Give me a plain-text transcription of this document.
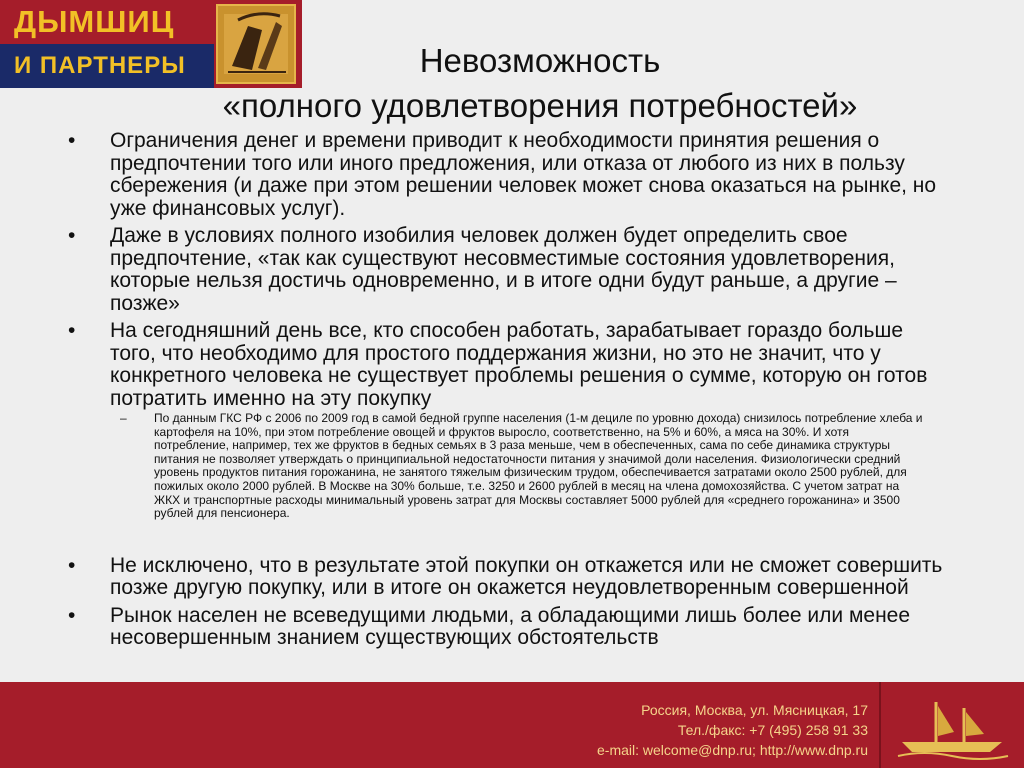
ДЫМШИЦ
И ПАРТНЕРЫ	Невозможность
«полного удовлетворения потребностей»
• Ограничения денег и времени приводит к необходимости принятия решения о предпочтении того или иного предложения, или отказа от любого из них в пользу сбережения (и даже при этом решении человек может снова оказаться на рынке, но уже финансовых услуг).
• Даже в условиях полного изобилия человек должен будет определить свое предпочтение, «так как существуют несовместимые состояния удовлетворения, которые нельзя достичь одновременно, и в итоге одни будут раньше, а другие – позже»
• На сегодняшний день все, кто способен работать, зарабатывает гораздо больше того, что необходимо для простого поддержания жизни, но это не значит, что у конкретного человека не существует проблемы решения о сумме, которую он готов потратить именно на эту покупку
– По данным ГКС РФ с 2006 по 2009 год в самой бедной группе населения (1-м дециле по уровню дохода) снизилось потребление хлеба и картофеля на 10%, при этом потребление овощей и фруктов выросло, соответственно, на 5% и 60%, а мяса на 30%. И хотя потребление, например, тех же фруктов в бедных семьях в 3 раза меньше, чем в обеспеченных, сама по себе динамика структуры питания не позволяет утверждать о принципиальной недостаточности питания у значимой доли населения. Физиологически средний уровень продуктов питания горожанина, не занятого тяжелым физическим трудом, обеспечивается затратами около 2500 рублей, для пожилых около 2000 рублей. В Москве на 30% больше, т.е. 3250 и 2600 рублей в месяц на члена домохозяйства. С учетом затрат на ЖКХ и транспортные расходы минимальный уровень затрат для Москвы составляет 5000 рублей для «среднего горожанина» и 3500 рублей для пенсионера.
• Не исключено, что в результате этой покупки он откажется или не сможет совершить позже другую покупку, или в итоге он окажется неудовлетворенным совершенной
• Рынок населен не всеведущими людьми, а обладающими лишь более или менее несовершенным знанием существующих обстоятельств
Россия, Москва, ул. Мясницкая, 17
Тел./факс: +7 (495) 258 91 33
e-mail: welcome@dnp.ru; http://www.dnp.ru
